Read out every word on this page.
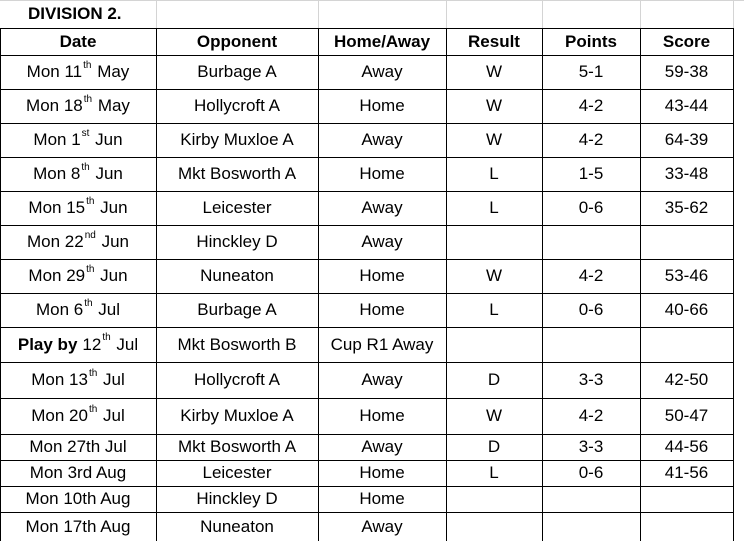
DIVISION 2.
Date	Opponent	Home/Away	Result	Points	Score
Mon 11 th May	Burbage A	Away	W	5-1	59-38
Mon 18 th May	Hollycroft A	Home	W	4-2	43-44
Mon 1 st Jun	Kirby Muxloe A	Away	W	4-2	64-39
Mon 8 th Jun	Mkt Bosworth A	Home	L	1-5	33-48
Mon 15 th Jun	Leicester	Away	L	0-6	35-62
Mon 22 nd Jun	Hinckley D	Away
Mon 29 th Jun	Nuneaton	Home	W	4-2	53-46
Mon 6 th Jul	Burbage A	Home	L	0-6	40-66
Play by 12 th Jul	Mkt Bosworth B	Cup R1 Away
Mon 13 th Jul	Hollycroft A	Away	D	3-3	42-50
Mon 20 th Jul	Kirby Muxloe A	Home	W	4-2	50-47
Mon 27th Jul	Mkt Bosworth A	Away	D	3-3	44-56
Mon 3rd Aug	Leicester	Home	L	0-6	41-56
Mon 10th Aug	Hinckley D	Home
Mon 17th Aug	Nuneaton	Away
